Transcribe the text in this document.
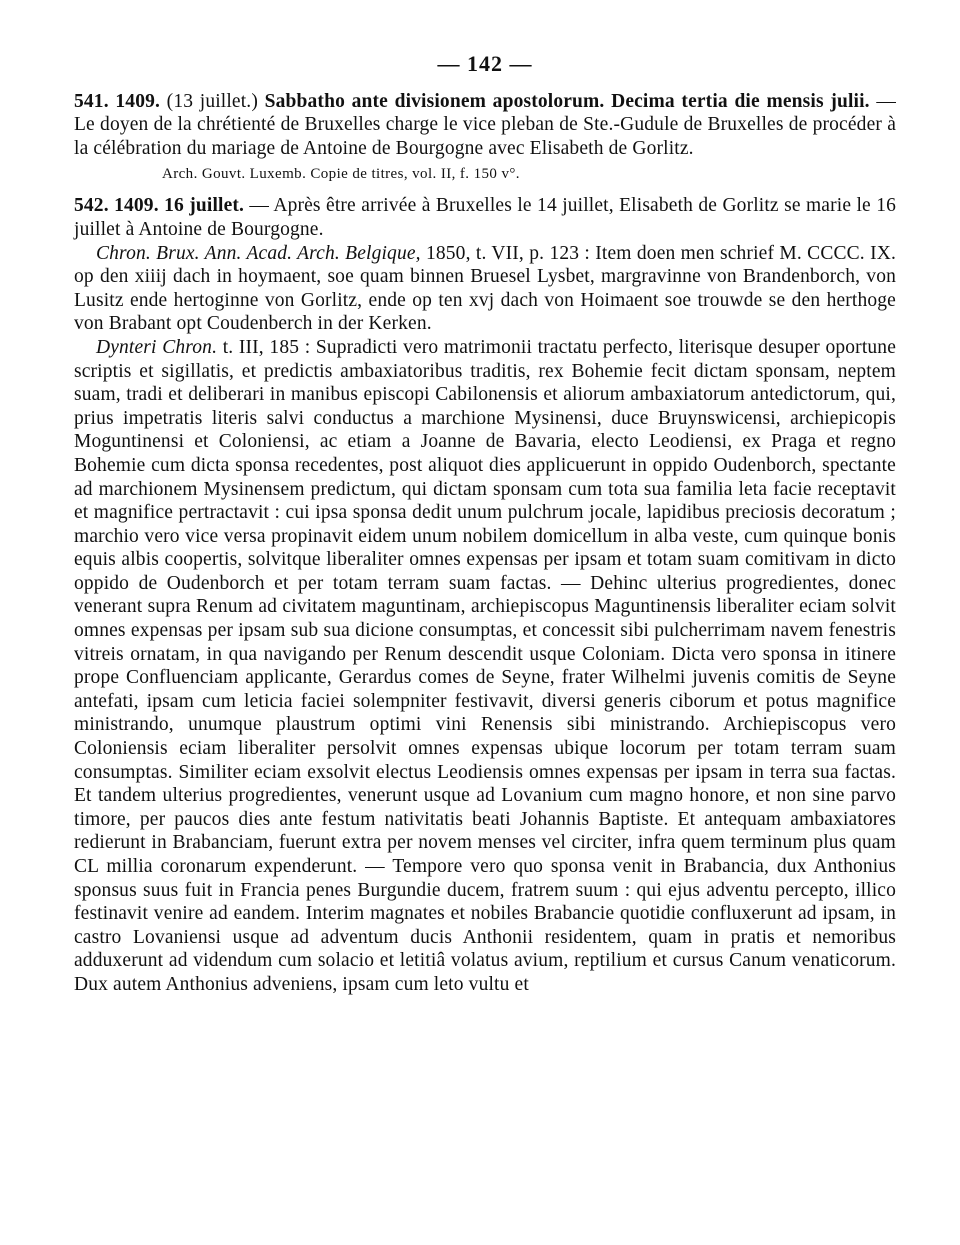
— 142 —

541. 1409. (13 juillet.) Sabbatho ante divisionem apostolorum. Decima tertia die mensis julii. — Le doyen de la chrétienté de Bruxelles charge le vice pleban de Ste.-Gudule de Bruxelles de procéder à la célébration du mariage de Antoine de Bourgogne avec Elisabeth de Gorlitz.

Arch. Gouvt. Luxemb. Copie de titres, vol. II, f. 150 v°.

542. 1409. 16 juillet. — Après être arrivée à Bruxelles le 14 juillet, Elisabeth de Gorlitz se marie le 16 juillet à Antoine de Bourgogne.

Chron. Brux. Ann. Acad. Arch. Belgique, 1850, t. VII, p. 123 : Item doen men schrief M. CCCC. IX. op den xiiij dach in hoymaent, soe quam binnen Bruesel Lysbet, margravinne von Brandenborch, von Lusitz ende hertoginne von Gorlitz, ende op ten xvj dach von Hoimaent soe trouwde se den herthoge von Brabant opt Coudenberch in der Kerken.

Dynteri Chron. t. III, 185 : Supradicti vero matrimonii tractatu perfecto, literisque desuper oportune scriptis et sigillatis, et predictis ambaxiatoribus traditis, rex Bohemie fecit dictam sponsam, neptem suam, tradi et deliberari in manibus episcopi Cabilonensis et aliorum ambaxiatorum antedictorum, qui, prius impetratis literis salvi conductus a marchione Mysinensi, duce Bruynswicensi, archiepicopis Moguntinensi et Coloniensi, ac etiam a Joanne de Bavaria, electo Leodiensi, ex Praga et regno Bohemie cum dicta sponsa recedentes, post aliquot dies applicuerunt in oppido Oudenborch, spectante ad marchionem Mysinensem predictum, qui dictam sponsam cum tota sua familia leta facie receptavit et magnifice pertractavit : cui ipsa sponsa dedit unum pulchrum jocale, lapidibus preciosis decoratum ; marchio vero vice versa propinavit eidem unum nobilem domicellum in alba veste, cum quinque bonis equis albis coopertis, solvitque liberaliter omnes expensas per ipsam et totam suam comitivam in dicto oppido de Oudenborch et per totam terram suam factas. — Dehinc ulterius progredientes, donec venerant supra Renum ad civitatem maguntinam, archiepiscopus Maguntinensis liberaliter eciam solvit omnes expensas per ipsam sub sua dicione consumptas, et concessit sibi pulcherrimam navem fenestris vitreis ornatam, in qua navigando per Renum descendit usque Coloniam. Dicta vero sponsa in itinere prope Confluenciam applicante, Gerardus comes de Seyne, frater Wilhelmi juvenis comitis de Seyne antefati, ipsam cum leticia faciei solempniter festivavit, diversi generis ciborum et potus magnifice ministrando, unumque plaustrum optimi vini Renensis sibi ministrando. Archiepiscopus vero Coloniensis eciam liberaliter persolvit omnes expensas ubique locorum per totam terram suam consumptas. Similiter eciam exsolvit electus Leodiensis omnes expensas per ipsam in terra sua factas. Et tandem ulterius progredientes, venerunt usque ad Lovanium cum magno honore, et non sine parvo timore, per paucos dies ante festum nativitatis beati Johannis Baptiste. Et antequam ambaxiatores redierunt in Brabanciam, fuerunt extra per novem menses vel circiter, infra quem terminum plus quam CL millia coronarum expenderunt. — Tempore vero quo sponsa venit in Brabancia, dux Anthonius sponsus suus fuit in Francia penes Burgundie ducem, fratrem suum : qui ejus adventu percepto, illico festinavit venire ad eandem. Interim magnates et nobiles Brabancie quotidie confluxerunt ad ipsam, in castro Lovaniensi usque ad adventum ducis Anthonii residentem, quam in pratis et nemoribus adduxerunt ad videndum cum solacio et letitiâ volatus avium, reptilium et cursus Canum venaticorum. Dux autem Anthonius adveniens, ipsam cum leto vultu et
